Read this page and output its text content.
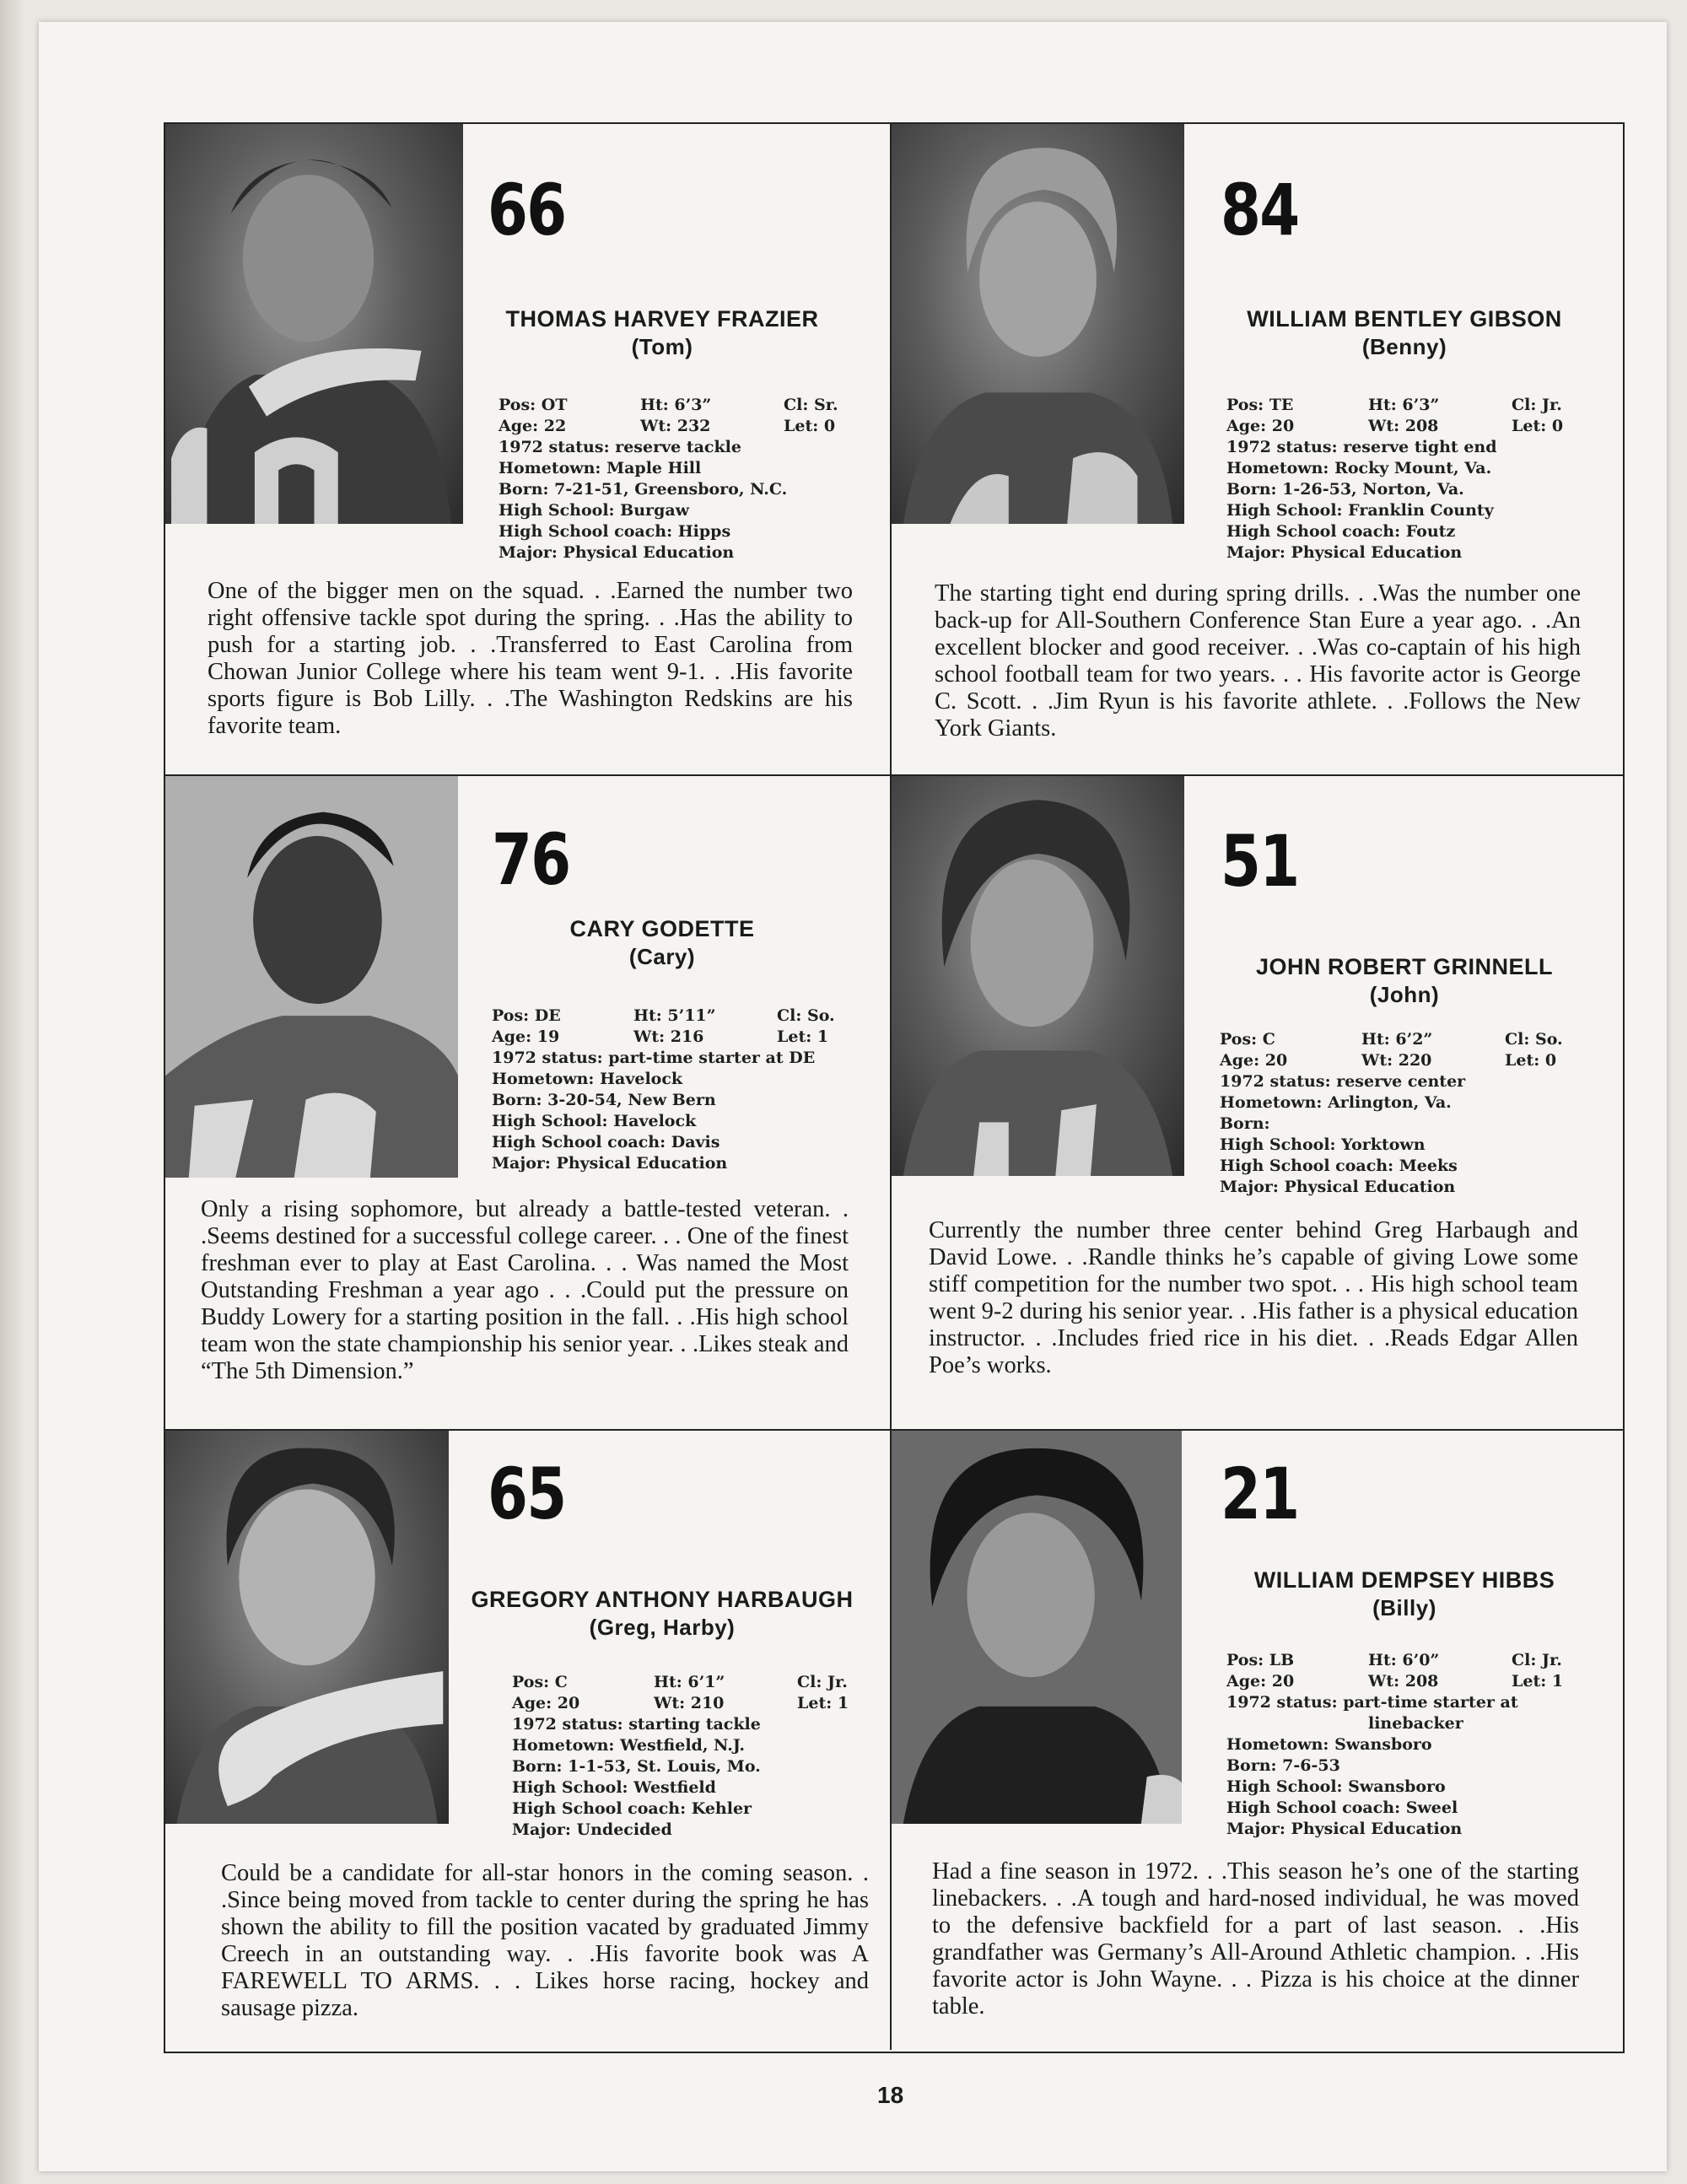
66
THOMAS HARVEY FRAZIER
(Tom)
Pos: OT	Ht: 6’3”	Cl: Sr.
Age: 22	Wt: 232	Let: 0
1972 status: reserve tackle
Hometown: Maple Hill
Born: 7-21-51, Greensboro, N.C.
High School: Burgaw
High School coach: Hipps
Major: Physical Education

One of the bigger men on the squad. . .Earned the number two right offensive tackle spot during the spring. . .Has the ability to push for a starting job. . .Transferred to East Carolina from Chowan Junior College where his team went 9-1. . .His favorite sports figure is Bob Lilly. . .The Washington Redskins are his favorite team.

84
WILLIAM BENTLEY GIBSON
(Benny)
Pos: TE	Ht: 6’3”	Cl: Jr.
Age: 20	Wt: 208	Let: 0
1972 status: reserve tight end
Hometown: Rocky Mount, Va.
Born: 1-26-53, Norton, Va.
High School: Franklin County
High School coach: Foutz
Major: Physical Education

The starting tight end during spring drills. . .Was the number one back-up for All-Southern Conference Stan Eure a year ago. . .An excellent blocker and good receiver. . .Was co-captain of his high school football team for two years. . . His favorite actor is George C. Scott. . .Jim Ryun is his favorite athlete. . .Follows the New York Giants.

76
CARY GODETTE
(Cary)
Pos: DE	Ht: 5’11”	Cl: So.
Age: 19	Wt: 216	Let: 1
1972 status: part-time starter at DE
Hometown: Havelock
Born: 3-20-54, New Bern
High School: Havelock
High School coach: Davis
Major: Physical Education

Only a rising sophomore, but already a battle-tested veteran. . .Seems destined for a successful college career. . . One of the finest freshman ever to play at East Carolina. . . Was named the Most Outstanding Freshman a year ago . . .Could put the pressure on Buddy Lowery for a starting position in the fall. . .His high school team won the state championship his senior year. . .Likes steak and “The 5th Dimension.”

51
JOHN ROBERT GRINNELL
(John)
Pos: C	Ht: 6’2”	Cl: So.
Age: 20	Wt: 220	Let: 0
1972 status: reserve center
Hometown: Arlington, Va.
Born:
High School: Yorktown
High School coach: Meeks
Major: Physical Education

Currently the number three center behind Greg Harbaugh and David Lowe. . .Randle thinks he’s capable of giving Lowe some stiff competition for the number two spot. . . His high school team went 9-2 during his senior year. . .His father is a physical education instructor. . .Includes fried rice in his diet. . .Reads Edgar Allen Poe’s works.

65
GREGORY ANTHONY HARBAUGH
(Greg, Harby)
Pos: C	Ht: 6’1”	Cl: Jr.
Age: 20	Wt: 210	Let: 1
1972 status: starting tackle
Hometown: Westfield, N.J.
Born: 1-1-53, St. Louis, Mo.
High School: Westfield
High School coach: Kehler
Major: Undecided

Could be a candidate for all-star honors in the coming season. . .Since being moved from tackle to center during the spring he has shown the ability to fill the position vacated by graduated Jimmy Creech in an outstanding way. . .His favorite book was A FAREWELL TO ARMS. . . Likes horse racing, hockey and sausage pizza.

21
WILLIAM DEMPSEY HIBBS
(Billy)
Pos: LB	Ht: 6’0”	Cl: Jr.
Age: 20	Wt: 208	Let: 1
1972 status: part-time starter at
linebacker
Hometown: Swansboro
Born: 7-6-53
High School: Swansboro
High School coach: Sweel
Major: Physical Education

Had a fine season in 1972. . .This season he’s one of the starting linebackers. . .A tough and hard-nosed individual, he was moved to the defensive backfield for a part of last season. . .His grandfather was Germany’s All-Around Athletic champion. . .His favorite actor is John Wayne. . . Pizza is his choice at the dinner table.

18
